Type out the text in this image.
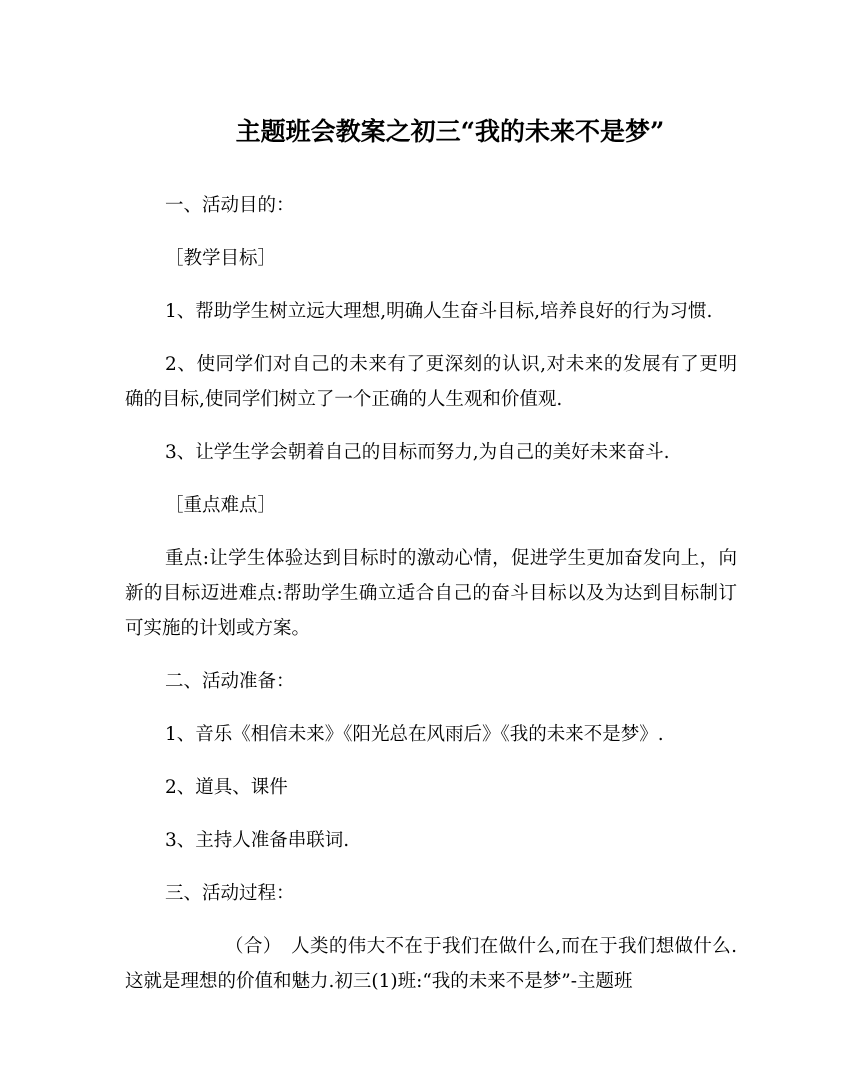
主题班会教案之初三“我的未来不是梦”

一、活动目的：

［教学目标］

1、帮助学生树立远大理想,明确人生奋斗目标,培养良好的行为习惯.

2、使同学们对自己的未来有了更深刻的认识,对未来的发展有了更明确的目标,使同学们树立了一个正确的人生观和价值观.

3、让学生学会朝着自己的目标而努力,为自己的美好未来奋斗.

［重点难点］

重点:让学生体验达到目标时的激动心情，促进学生更加奋发向上，向新的目标迈进难点:帮助学生确立适合自己的奋斗目标以及为达到目标制订可实施的计划或方案。

二、活动准备：

1、音乐《相信未来》《阳光总在风雨后》《我的未来不是梦》.

2、道具、课件

3、主持人准备串联词.

三、活动过程：

（合）　人类的伟大不在于我们在做什么,而在于我们想做什么.这就是理想的价值和魅力.初三(1)班:“我的未来不是梦”-主题班
